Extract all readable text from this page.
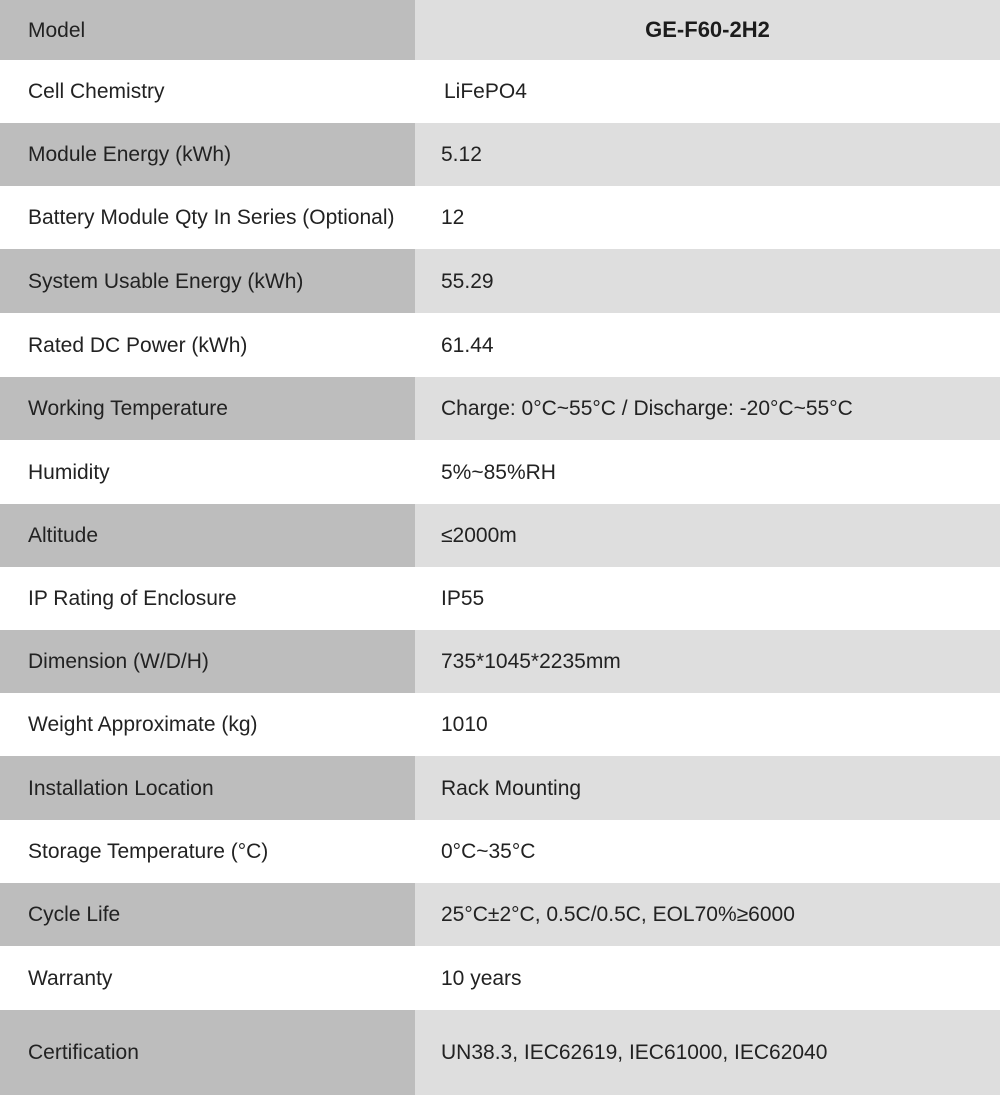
Model	GE-F60-2H2
Cell Chemistry	LiFePO4
Module Energy (kWh)	5.12
Battery Module Qty In Series (Optional)	12
System Usable Energy (kWh)	55.29
Rated DC Power (kWh)	61.44
Working Temperature	Charge: 0°C~55°C / Discharge: -20°C~55°C
Humidity	5%~85%RH
Altitude	≤2000m
IP Rating of Enclosure	IP55
Dimension (W/D/H)	735*1045*2235mm
Weight Approximate (kg)	1010
Installation Location	Rack Mounting
Storage Temperature (°C)	0°C~35°C
Cycle Life	25°C±2°C, 0.5C/0.5C, EOL70%≥6000
Warranty	10 years
Certification	UN38.3, IEC62619, IEC61000, IEC62040
